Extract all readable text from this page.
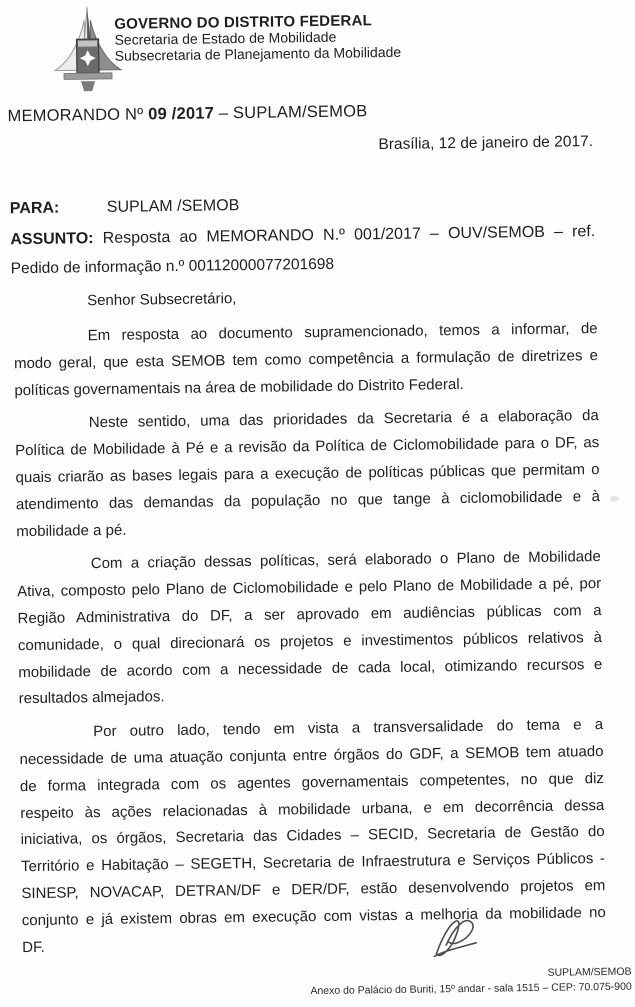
GOVERNO DO DISTRITO FEDERAL
Secretaria de Estado de Mobilidade
Subsecretaria de Planejamento da Mobilidade
MEMORANDO Nº 09 /2017 – SUPLAM/SEMOB
Brasília, 12 de janeiro de 2017.
PARA:	SUPLAM /SEMOB
ASSUNTO: Resposta ao MEMORANDO N.º 001/2017 – OUV/SEMOB – ref.
Pedido de informação n.º 00112000077201698
Senhor Subsecretário,
Em resposta ao documento supramencionado, temos a informar, de
modo geral, que esta SEMOB tem como competência a formulação de diretrizes e
políticas governamentais na área de mobilidade do Distrito Federal.
Neste sentido, uma das prioridades da Secretaria é a elaboração da
Política de Mobilidade à Pé e a revisão da Política de Ciclomobilidade para o DF, as
quais criarão as bases legais para a execução de políticas públicas que permitam o
atendimento das demandas da população no que tange à ciclomobilidade e à
mobilidade a pé.
Com a criação dessas políticas, será elaborado o Plano de Mobilidade
Ativa, composto pelo Plano de Ciclomobilidade e pelo Plano de Mobilidade a pé, por
Região Administrativa do DF, a ser aprovado em audiências públicas com a
comunidade, o qual direcionará os projetos e investimentos públicos relativos à
mobilidade de acordo com a necessidade de cada local, otimizando recursos e
resultados almejados.
Por outro lado, tendo em vista a transversalidade do tema e a
necessidade de uma atuação conjunta entre órgãos do GDF, a SEMOB tem atuado
de forma integrada com os agentes governamentais competentes, no que diz
respeito às ações relacionadas à mobilidade urbana, e em decorrência dessa
iniciativa, os órgãos, Secretaria das Cidades – SECID, Secretaria de Gestão do
Território e Habitação – SEGETH, Secretaria de Infraestrutura e Serviços Públicos -
SINESP, NOVACAP, DETRAN/DF e DER/DF, estão desenvolvendo projetos em
conjunto e já existem obras em execução com vistas a melhoria da mobilidade no
DF.
SUPLAM/SEMOB
Anexo do Palácio do Buriti, 15º andar - sala 1515 – CEP: 70.075-900
